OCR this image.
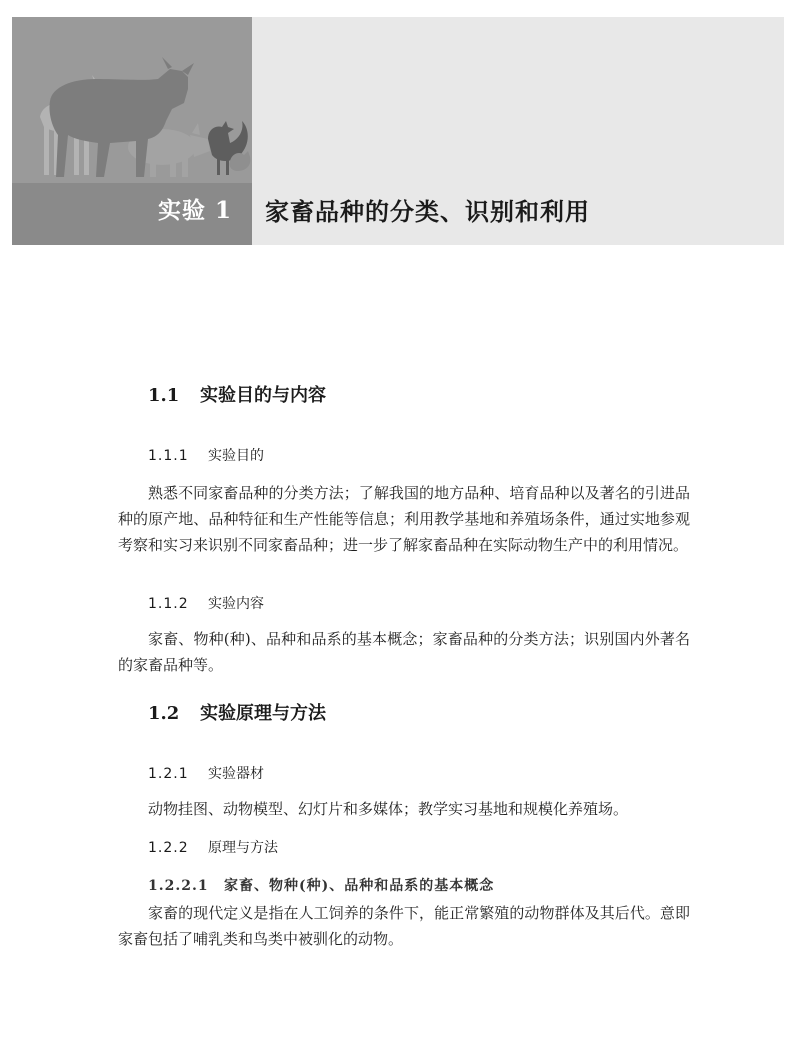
实验 1 家畜品种的分类、识别和利用
1.1 实验目的与内容
1.1.1 实验目的

熟悉不同家畜品种的分类方法；了解我国的地方品种、培育品种以及著名的引进品种的原产地、品种特征和生产性能等信息；利用教学基地和养殖场条件，通过实地参观考察和实习来识别不同家畜品种；进一步了解家畜品种在实际动物生产中的利用情况。

1.1.2 实验内容

家畜、物种(种)、品种和品系的基本概念；家畜品种的分类方法；识别国内外著名的家畜品种等。

1.2 实验原理与方法
1.2.1 实验器材

动物挂图、动物模型、幻灯片和多媒体；教学实习基地和规模化养殖场。

1.2.2 原理与方法
1.2.2.1 家畜、物种(种)、品种和品系的基本概念

家畜的现代定义是指在人工饲养的条件下，能正常繁殖的动物群体及其后代。意即家畜包括了哺乳类和鸟类中被驯化的动物。
